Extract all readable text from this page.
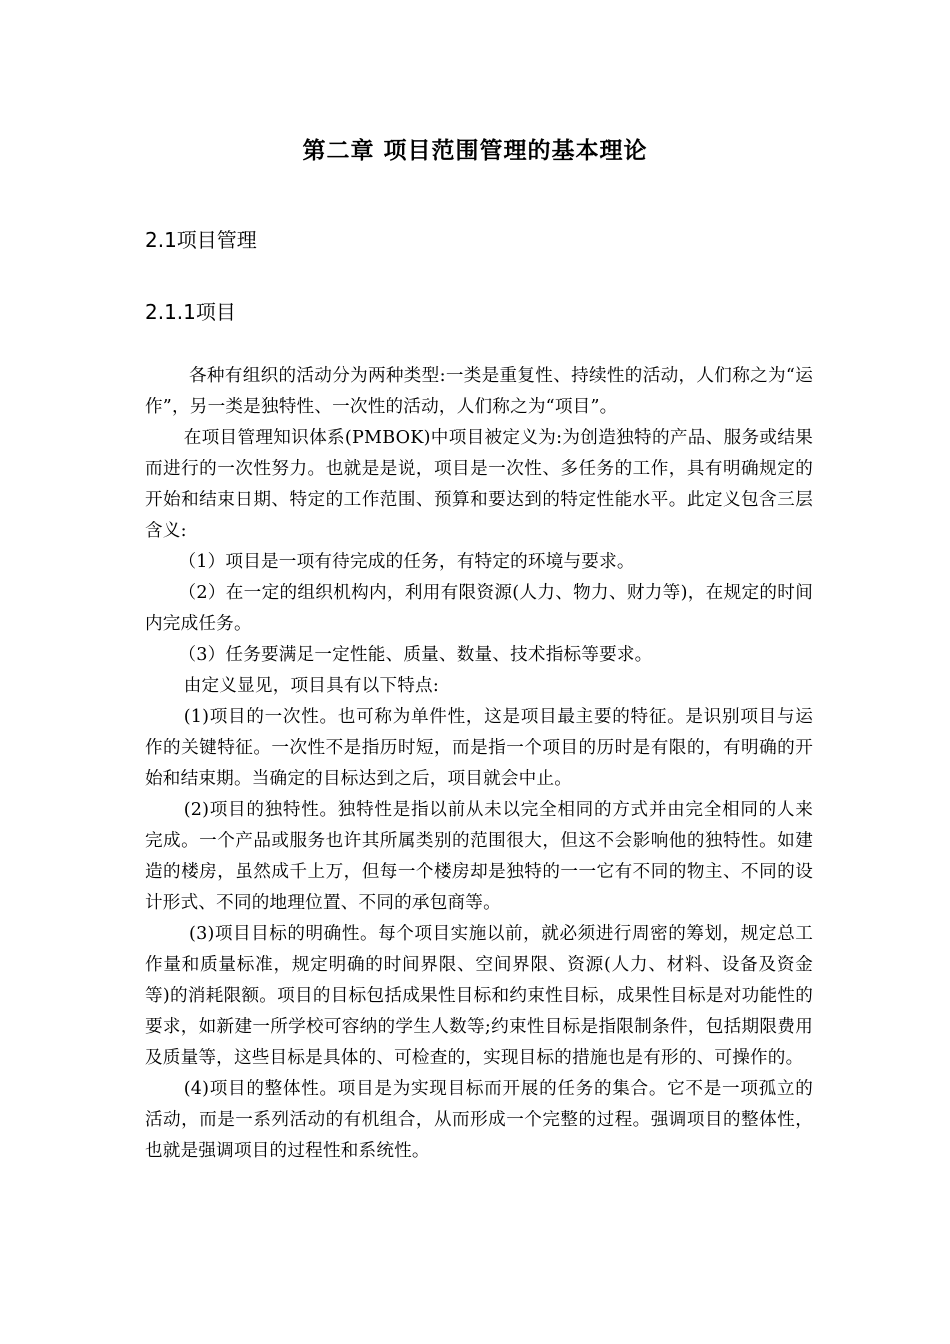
第二章 项目范围管理的基本理论
2.1项目管理
2.1.1项目

各种有组织的活动分为两种类型:一类是重复性、持续性的活动，人们称之为“运作”，另一类是独特性、一次性的活动，人们称之为“项目”。

在项目管理知识体系(PMBOK)中项目被定义为:为创造独特的产品、服务或结果而进行的一次性努力。也就是是说，项目是一次性、多任务的工作，具有明确规定的开始和结束日期、特定的工作范围、预算和要达到的特定性能水平。此定义包含三层含义:

（1）项目是一项有待完成的任务，有特定的环境与要求。

（2）在一定的组织机构内，利用有限资源(人力、物力、财力等)，在规定的时间内完成任务。

（3）任务要满足一定性能、质量、数量、技术指标等要求。

由定义显见，项目具有以下特点:

(1)项目的一次性。也可称为单件性，这是项目最主要的特征。是识别项目与运作的关键特征。一次性不是指历时短，而是指一个项目的历时是有限的，有明确的开始和结束期。当确定的目标达到之后，项目就会中止。

(2)项目的独特性。独特性是指以前从未以完全相同的方式并由完全相同的人来完成。一个产品或服务也许其所属类别的范围很大，但这不会影响他的独特性。如建造的楼房，虽然成千上万，但每一个楼房却是独特的一一它有不同的物主、不同的设计形式、不同的地理位置、不同的承包商等。

(3)项目目标的明确性。每个项目实施以前，就必须进行周密的筹划，规定总工作量和质量标准，规定明确的时间界限、空间界限、资源(人力、材料、设备及资金等)的消耗限额。项目的目标包括成果性目标和约束性目标，成果性目标是对功能性的要求，如新建一所学校可容纳的学生人数等;约束性目标是指限制条件，包括期限费用及质量等，这些目标是具体的、可检查的，实现目标的措施也是有形的、可操作的。

(4)项目的整体性。项目是为实现目标而开展的任务的集合。它不是一项孤立的活动，而是一系列活动的有机组合，从而形成一个完整的过程。强调项目的整体性，也就是强调项目的过程性和系统性。
